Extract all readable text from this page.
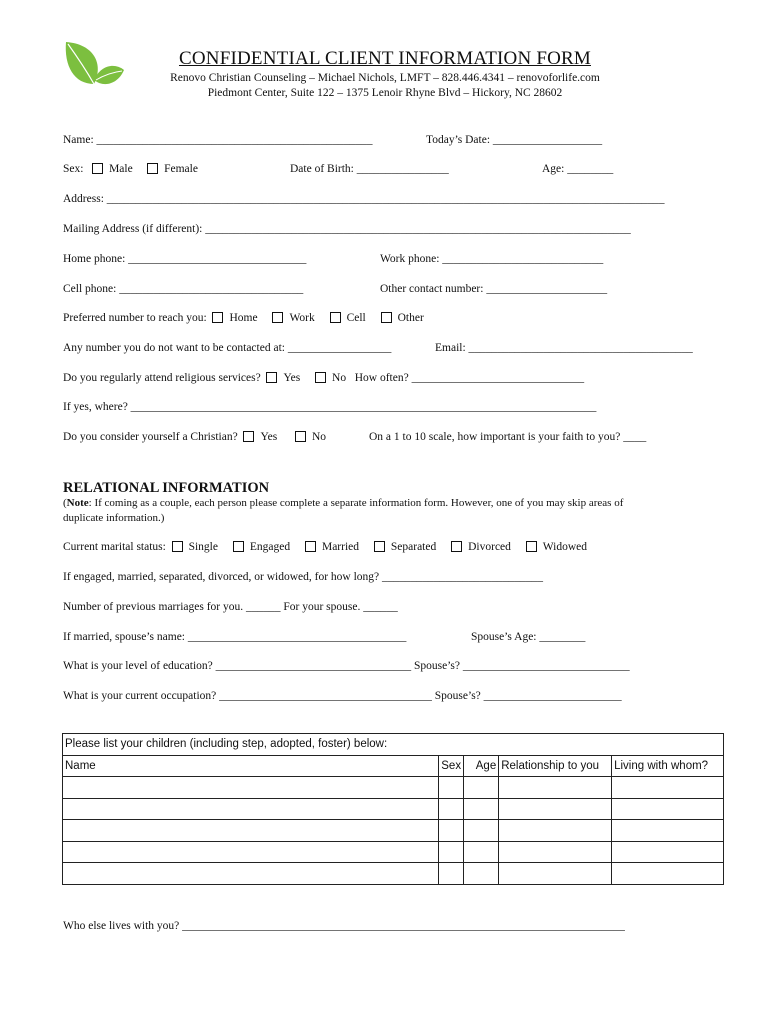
CONFIDENTIAL CLIENT INFORMATION FORM
Renovo Christian Counseling – Michael Nichols, LMFT – 828.446.4341 – renovoforlife.com
Piedmont Center, Suite 122 – 1375 Lenoir Rhyne Blvd – Hickory, NC 28602
Name: ________________________________________________	Today’s Date: ___________________
Sex: Male	Female	Date of Birth: ________________	Age: ________
Address: _________________________________________________________________________________________________
Mailing Address (if different): __________________________________________________________________________
Home phone: _______________________________	Work phone: ____________________________
Cell phone: ________________________________	Other contact number: _____________________
Preferred number to reach you: Home	Work	Cell	Other
Any number you do not want to be contacted at: __________________	Email: _______________________________________
Do you regularly attend religious services? Yes	No How often? ______________________________
If yes, where? _________________________________________________________________________________
Do you consider yourself a Christian? Yes	No	On a 1 to 10 scale, how important is your faith to you? ____
RELATIONAL INFORMATION
(Note: If coming as a couple, each person please complete a separate information form. However, one of you may skip areas of
duplicate information.)
Current marital status: Single	Engaged	Married	Separated	Divorced	Widowed
If engaged, married, separated, divorced, or widowed, for how long? ____________________________
Number of previous marriages for you. ______ For your spouse. ______
If married, spouse’s name: ______________________________________	Spouse’s Age: ________
What is your level of education? __________________________________ Spouse’s? _____________________________
What is your current occupation? _____________________________________ Spouse’s? ________________________
Please list your children (including step, adopted, foster) below:				
Name	Sex	Age	Relationship to you	Living with whom?

Who else lives with you? _____________________________________________________________________________
